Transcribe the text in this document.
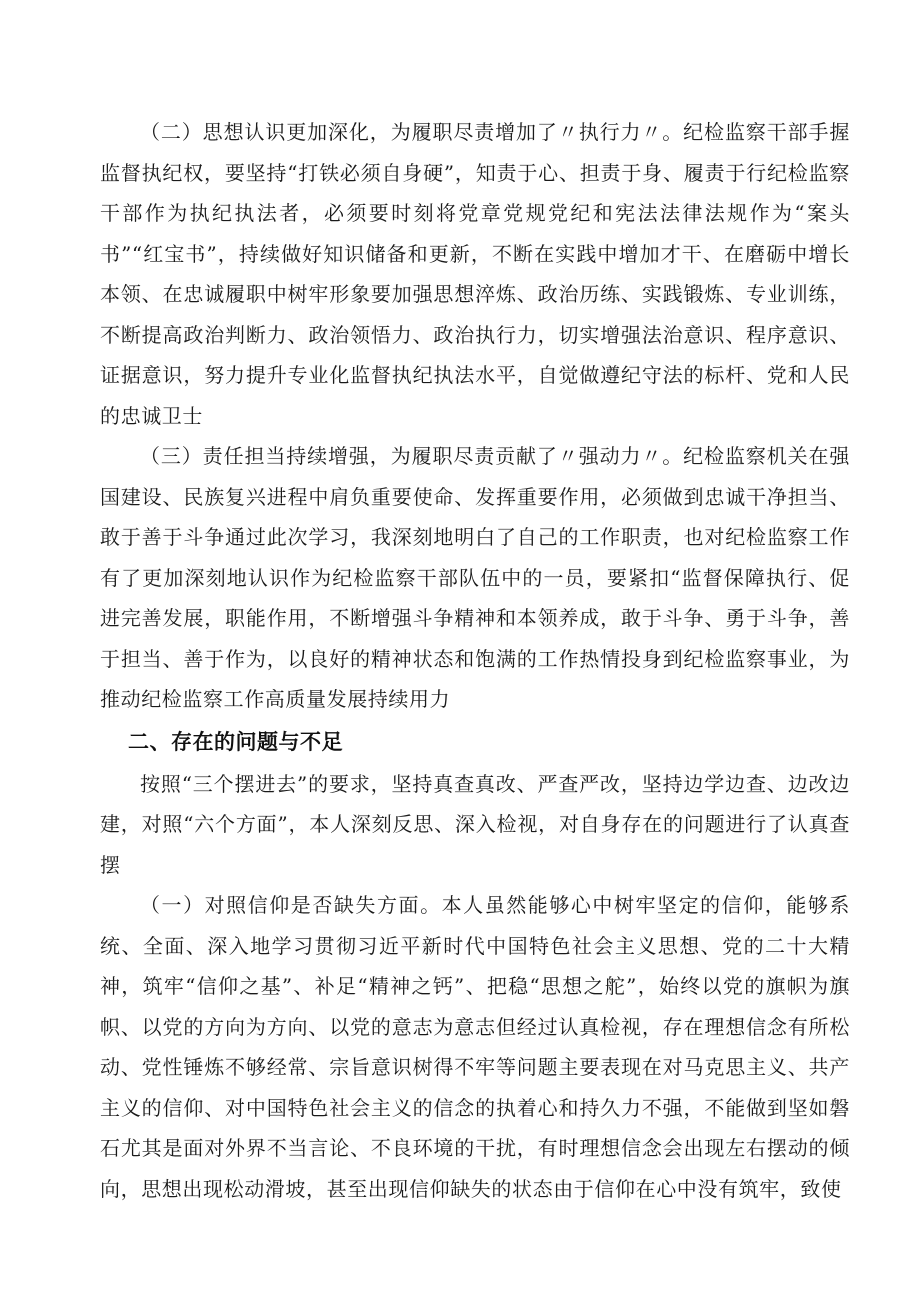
（二）思想认识更加深化，为履职尽责增加了〃执行力〃。纪检监察干部手握监督执纪权，要坚持“打铁必须自身硬”，知责于心、担责于身、履责于行纪检监察干部作为执纪执法者，必须要时刻将党章党规党纪和宪法法律法规作为“案头书”“红宝书”，持续做好知识储备和更新，不断在实践中增加才干、在磨砺中增长本领、在忠诚履职中树牢形象要加强思想淬炼、政治历练、实践锻炼、专业训练，不断提高政治判断力、政治领悟力、政治执行力，切实增强法治意识、程序意识、证据意识，努力提升专业化监督执纪执法水平，自觉做遵纪守法的标杆、党和人民的忠诚卫士

（三）责任担当持续增强，为履职尽责贡献了〃强动力〃。纪检监察机关在强国建设、民族复兴进程中肩负重要使命、发挥重要作用，必须做到忠诚干净担当、敢于善于斗争通过此次学习，我深刻地明白了自己的工作职责，也对纪检监察工作有了更加深刻地认识作为纪检监察干部队伍中的一员，要紧扣“监督保障执行、促进完善发展，职能作用，不断增强斗争精神和本领养成，敢于斗争、勇于斗争，善于担当、善于作为，以良好的精神状态和饱满的工作热情投身到纪检监察事业，为推动纪检监察工作高质量发展持续用力

二、存在的问题与不足

按照“三个摆进去”的要求，坚持真查真改、严查严改，坚持边学边查、边改边建，对照“六个方面”，本人深刻反思、深入检视，对自身存在的问题进行了认真查摆

（一）对照信仰是否缺失方面。本人虽然能够心中树牢坚定的信仰，能够系统、全面、深入地学习贯彻习近平新时代中国特色社会主义思想、党的二十大精神，筑牢“信仰之基”、补足“精神之钙”、把稳“思想之舵”，始终以党的旗帜为旗帜、以党的方向为方向、以党的意志为意志但经过认真检视，存在理想信念有所松动、党性锤炼不够经常、宗旨意识树得不牢等问题主要表现在对马克思主义、共产主义的信仰、对中国特色社会主义的信念的执着心和持久力不强，不能做到坚如磐石尤其是面对外界不当言论、不良环境的干扰，有时理想信念会出现左右摆动的倾向，思想出现松动滑坡，甚至出现信仰缺失的状态由于信仰在心中没有筑牢，致使
